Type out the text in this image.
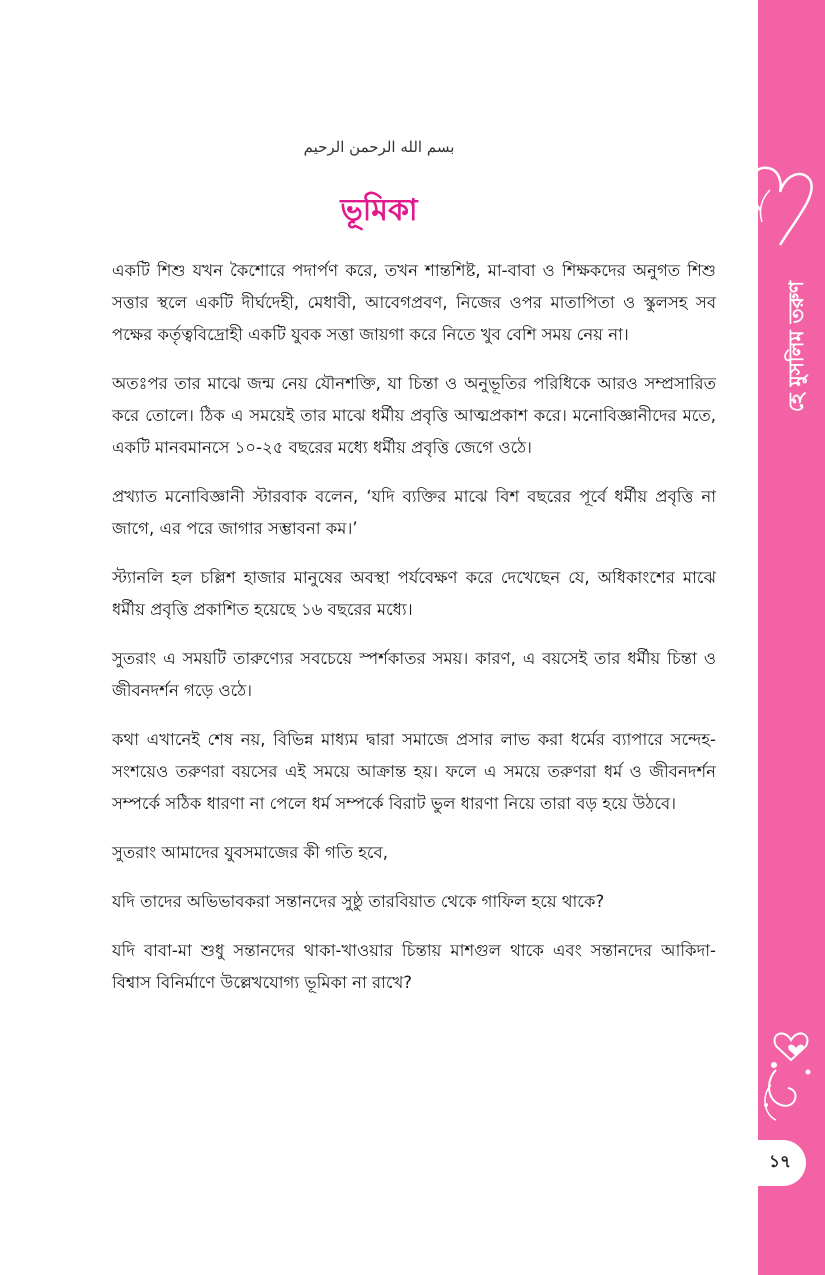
بسم الله الرحمن الرحيم
ভূমিকা

একটি শিশু যখন কৈশোরে পদার্পণ করে, তখন শান্তশিষ্ট, মা-বাবা ও শিক্ষকদের অনুগত শিশু সত্তার স্থলে একটি দীর্ঘদেহী, মেধাবী, আবেগপ্রবণ, নিজের ওপর মাতাপিতা ও স্কুলসহ সব পক্ষের কর্তৃত্ববিদ্রোহী একটি যুবক সত্তা জায়গা করে নিতে খুব বেশি সময় নেয় না।

অতঃপর তার মাঝে জন্ম নেয় যৌনশক্তি, যা চিন্তা ও অনুভূতির পরিধিকে আরও সম্প্রসারিত করে তোলে। ঠিক এ সময়েই তার মাঝে ধর্মীয় প্রবৃত্তি আত্মপ্রকাশ করে। মনোবিজ্ঞানীদের মতে, একটি মানবমানসে ১০-২৫ বছরের মধ্যে ধর্মীয় প্রবৃত্তি জেগে ওঠে।

প্রখ্যাত মনোবিজ্ঞানী স্টারবাক বলেন, ‘যদি ব্যক্তির মাঝে বিশ বছরের পূর্বে ধর্মীয় প্রবৃত্তি না জাগে, এর পরে জাগার সম্ভাবনা কম।’

স্ট্যানলি হল চল্লিশ হাজার মানুষের অবস্থা পর্যবেক্ষণ করে দেখেছেন যে, অধিকাংশের মাঝে ধর্মীয় প্রবৃত্তি প্রকাশিত হয়েছে ১৬ বছরের মধ্যে।

সুতরাং এ সময়টি তারুণ্যের সবচেয়ে স্পর্শকাতর সময়। কারণ, এ বয়সেই তার ধর্মীয় চিন্তা ও জীবনদর্শন গড়ে ওঠে।

কথা এখানেই শেষ নয়, বিভিন্ন মাধ্যম দ্বারা সমাজে প্রসার লাভ করা ধর্মের ব্যাপারে সন্দেহ-সংশয়েও তরুণরা বয়সের এই সময়ে আক্রান্ত হয়। ফলে এ সময়ে তরুণরা ধর্ম ও জীবনদর্শন সম্পর্কে সঠিক ধারণা না পেলে ধর্ম সম্পর্কে বিরাট ভুল ধারণা নিয়ে তারা বড় হয়ে উঠবে।

সুতরাং আমাদের যুবসমাজের কী গতি হবে,

যদি তাদের অভিভাবকরা সন্তানদের সুষ্ঠু তারবিয়াত থেকে গাফিল হয়ে থাকে?

যদি বাবা-মা শুধু সন্তানদের থাকা-খাওয়ার চিন্তায় মাশগুল থাকে এবং সন্তানদের আকিদা-বিশ্বাস বিনির্মাণে উল্লেখযোগ্য ভূমিকা না রাখে?

হে মুসলিম তরুণ
১৭
